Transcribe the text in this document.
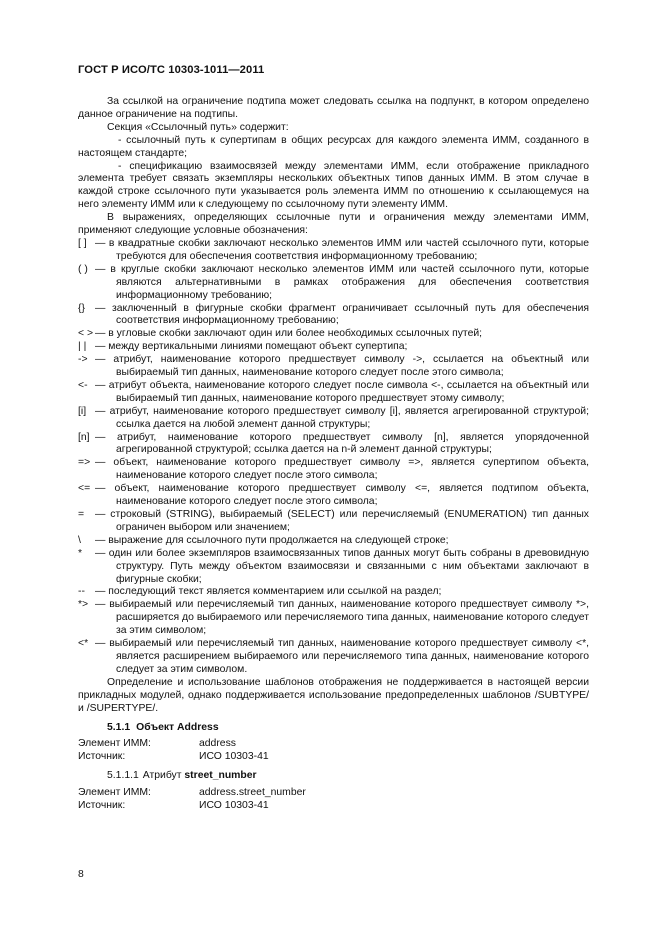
ГОСТ Р ИСО/ТС 10303-1011—2011

За ссылкой на ограничение подтипа может следовать ссылка на подпункт, в котором определено данное ограничение на подтипы.

Секция «Ссылочный путь» содержит:

- ссылочный путь к супертипам в общих ресурсах для каждого элемента ИММ, созданного в настоящем стандарте;

- спецификацию взаимосвязей между элементами ИММ, если отображение прикладного элемента требует связать экземпляры нескольких объектных типов данных ИММ. В этом случае в каждой строке ссылочного пути указывается роль элемента ИММ по отношению к ссылающемуся на него элементу ИММ или к следующему по ссылочному пути элементу ИММ.

В выражениях, определяющих ссылочные пути и ограничения между элементами ИММ, применяют следующие условные обозначения:

[ ] — в квадратные скобки заключают несколько элементов ИММ или частей ссылочного пути, которые требуются для обеспечения соответствия информационному требованию;
( ) — в круглые скобки заключают несколько элементов ИММ или частей ссылочного пути, которые являются альтернативными в рамках отображения для обеспечения соответствия информационному требованию;
{} — заключенный в фигурные скобки фрагмент ограничивает ссылочный путь для обеспечения соответствия информационному требованию;
< > — в угловые скобки заключают один или более необходимых ссылочных путей;
| | — между вертикальными линиями помещают объект супертипа;
-> — атрибут, наименование которого предшествует символу ->, ссылается на объектный или выбираемый тип данных, наименование которого следует после этого символа;
<- — атрибут объекта, наименование которого следует после символа <-, ссылается на объектный или выбираемый тип данных, наименование которого предшествует этому символу;
[i] — атрибут, наименование которого предшествует символу [i], является агрегированной структурой; ссылка дается на любой элемент данной структуры;
[n] — атрибут, наименование которого предшествует символу [n], является упорядоченной агрегированной структурой; ссылка дается на n-й элемент данной структуры;
=> — объект, наименование которого предшествует символу =>, является супертипом объекта, наименование которого следует после этого символа;
<= — объект, наименование которого предшествует символу <=, является подтипом объекта, наименование которого следует после этого символа;
=	— строковый (STRING), выбираемый (SELECT) или перечисляемый (ENUMERATION) тип данных ограничен выбором или значением;
\	— выражение для ссылочного пути продолжается на следующей строке;
*	— один или более экземпляров взаимосвязанных типов данных могут быть собраны в древовидную структуру. Путь между объектом взаимосвязи и связанными с ним объектами заключают в фигурные скобки;
-- — последующий текст является комментарием или ссылкой на раздел;
*> — выбираемый или перечисляемый тип данных, наименование которого предшествует символу *>, расширяется до выбираемого или перечисляемого типа данных, наименование которого следует за этим символом;
<* — выбираемый или перечисляемый тип данных, наименование которого предшествует символу <*, является расширением выбираемого или перечисляемого типа данных, наименование которого следует за этим символом.

Определение и использование шаблонов отображения не поддерживается в настоящей версии прикладных модулей, однако поддерживается использование предопределенных шаблонов /SUBTYPE/ и /SUPERTYPE/.

5.1.1 Объект Address
Элемент ИММ:	address
Источник:	ИСО 10303-41
5.1.1.1 Атрибут street_number
Элемент ИММ:	address.street_number
Источник:	ИСО 10303-41
8
